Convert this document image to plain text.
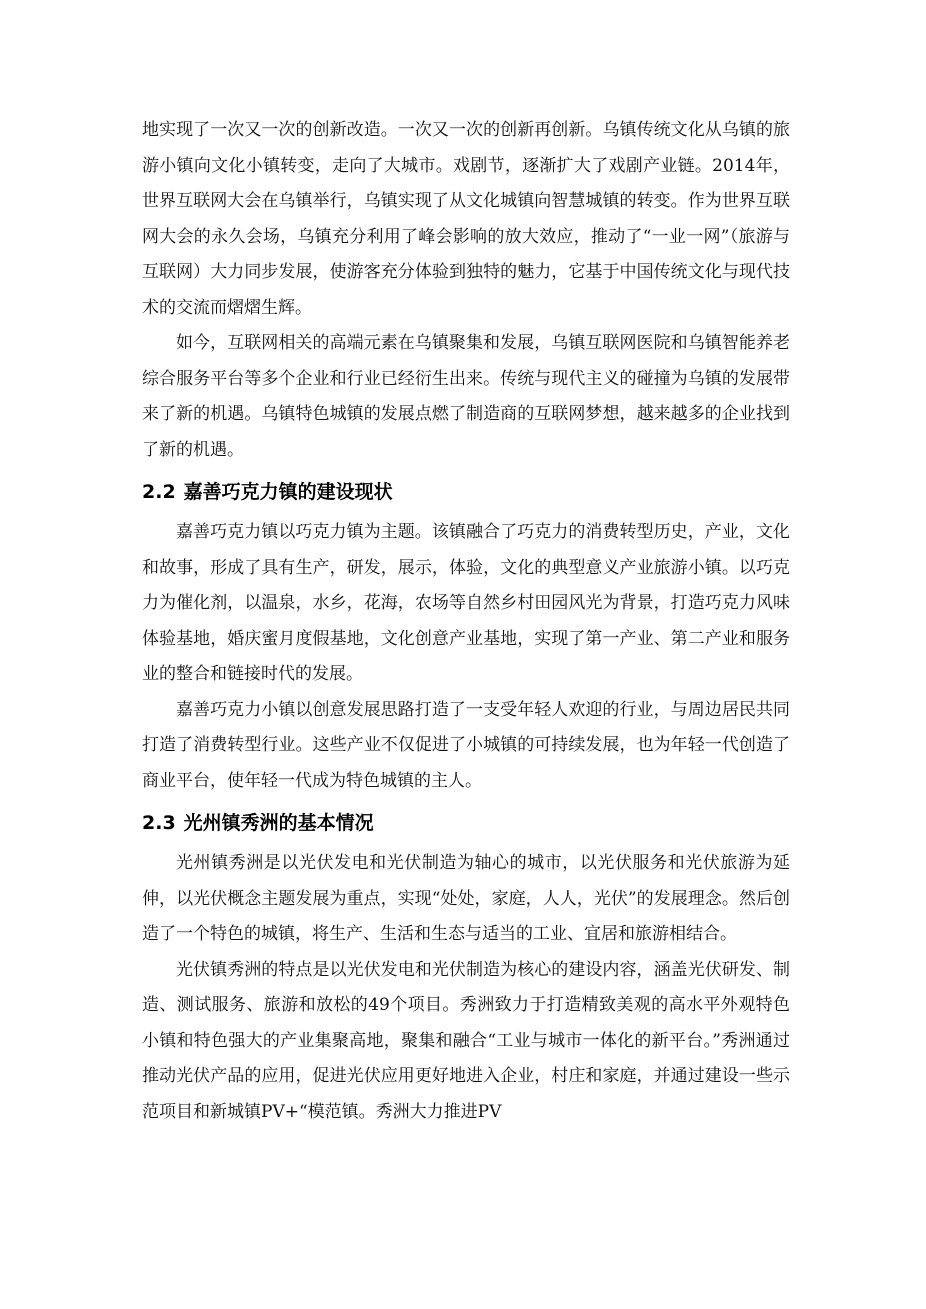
地实现了一次又一次的创新改造。一次又一次的创新再创新。乌镇传统文化从乌镇的旅游小镇向文化小镇转变，走向了大城市。戏剧节，逐渐扩大了戏剧产业链。2014年，世界互联网大会在乌镇举行，乌镇实现了从文化城镇向智慧城镇的转变。作为世界互联网大会的永久会场，乌镇充分利用了峰会影响的放大效应，推动了“一业一网”（旅游与互联网）大力同步发展，使游客充分体验到独特的魅力，它基于中国传统文化与现代技术的交流而熠熠生辉。

如今，互联网相关的高端元素在乌镇聚集和发展，乌镇互联网医院和乌镇智能养老综合服务平台等多个企业和行业已经衍生出来。传统与现代主义的碰撞为乌镇的发展带来了新的机遇。乌镇特色城镇的发展点燃了制造商的互联网梦想，越来越多的企业找到了新的机遇。

2.2 嘉善巧克力镇的建设现状

嘉善巧克力镇以巧克力镇为主题。该镇融合了巧克力的消费转型历史，产业，文化和故事，形成了具有生产，研发，展示，体验，文化的典型意义产业旅游小镇。以巧克力为催化剂，以温泉，水乡，花海，农场等自然乡村田园风光为背景，打造巧克力风味体验基地，婚庆蜜月度假基地，文化创意产业基地，实现了第一产业、第二产业和服务业的整合和链接时代的发展。

嘉善巧克力小镇以创意发展思路打造了一支受年轻人欢迎的行业，与周边居民共同打造了消费转型行业。这些产业不仅促进了小城镇的可持续发展，也为年轻一代创造了商业平台，使年轻一代成为特色城镇的主人。

2.3 光州镇秀洲的基本情况

光州镇秀洲是以光伏发电和光伏制造为轴心的城市，以光伏服务和光伏旅游为延伸，以光伏概念主题发展为重点，实现“处处，家庭，人人，光伏”的发展理念。然后创造了一个特色的城镇，将生产、生活和生态与适当的工业、宜居和旅游相结合。

光伏镇秀洲的特点是以光伏发电和光伏制造为核心的建设内容，涵盖光伏研发、制造、测试服务、旅游和放松的49个项目。秀洲致力于打造精致美观的高水平外观特色小镇和特色强大的产业集聚高地，聚集和融合“工业与城市一体化的新平台。”秀洲通过推动光伏产品的应用，促进光伏应用更好地进入企业，村庄和家庭，并通过建设一些示范项目和新城镇PV+“模范镇。秀洲大力推进PV
